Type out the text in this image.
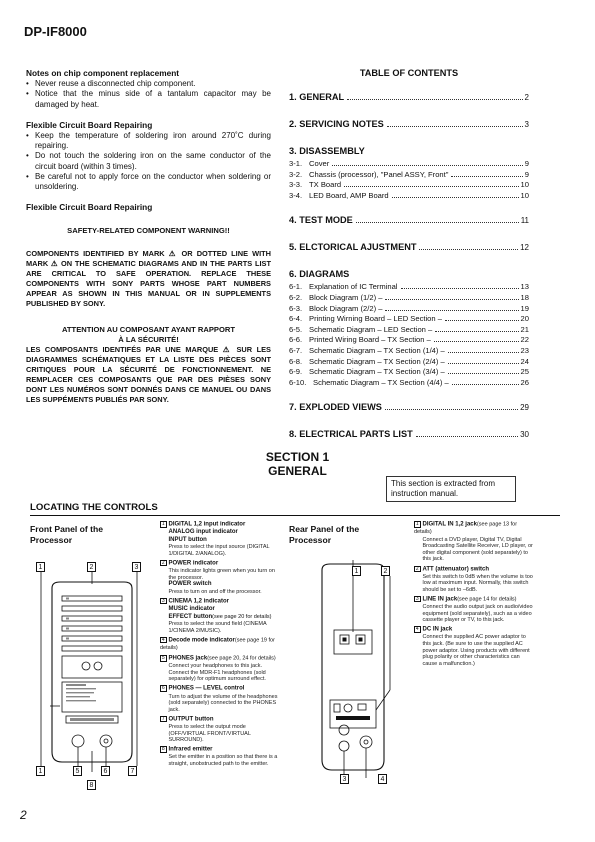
DP-IF8000
Notes on chip component replacement
• Never reuse a disconnected chip component.
• Notice that the minus side of a tantalum capacitor may be damaged by heat.
Flexible Circuit Board Repairing
• Keep the temperature of soldering iron around 270˚C during repairing.
• Do not touch the soldering iron on the same conductor of the circuit board (within 3 times).
• Be careful not to apply force on the conductor when soldering or unsoldering.
Flexible Circuit Board Repairing
SAFETY-RELATED COMPONENT WARNING!!
COMPONENTS IDENTIFIED BY MARK ⚠ OR DOTTED LINE WITH MARK ⚠ ON THE SCHEMATIC DIAGRAMS AND IN THE PARTS LIST ARE CRITICAL TO SAFE OPERATION. REPLACE THESE COMPONENTS WITH SONY PARTS WHOSE PART NUMBERS APPEAR AS SHOWN IN THIS MANUAL OR IN SUPPLEMENTS PUBLISHED BY SONY.
ATTENTION AU COMPOSANT AYANT RAPPORT
À LA SÉCURITÉ!
LES COMPOSANTS IDENTIFÉS PAR UNE MARQUE ⚠ SUR LES DIAGRAMMES SCHÉMATIQUES ET LA LISTE DES PIÈCES SONT CRITIQUES POUR LA SÉCURITÉ DE FONCTIONNEMENT. NE REMPLACER CES COMPOSANTS QUE PAR DES PIÈSES SONY DONT LES NUMÉROS SONT DONNÉS DANS CE MANUEL OU DANS LES SUPPÉMENTS PUBLIÉS PAR SONY.
TABLE OF CONTENTS
1. GENERAL	2
2. SERVICING NOTES	3
3. DISASSEMBLY
3-1. Cover	9
3-2. Chassis (processor), "Panel ASSY, Front"	9
3-3. TX Board	10
3-4. LED Board, AMP Board	10
4. TEST MODE	11
5. ELCTORICAL AJUSTMENT	12
6. DIAGRAMS
6-1. Explanation of IC Terminal	13
6-2. Block Diagram (1/2) –	18
6-3. Block Diagram (2/2) –	19
6-4. Printing Wirning Board – LED Section –	20
6-5. Schematic Diagram – LED Section –	21
6-6. Printed Wiring Board – TX Section –	22
6-7. Schematic Diagram – TX Section (1/4) –	23
6-8. Schematic Diagram – TX Section (2/4) –	24
6-9. Schematic Diagram – TX Section (3/4) –	25
6-10. Schematic Diagram – TX Section (4/4) –	26
7. EXPLODED VIEWS	29
8. ELECTRICAL PARTS LIST	30
SECTION 1
GENERAL
This section is extracted from instruction manual.
LOCATING THE CONTROLS
Front Panel of the Processor
1	2	3
1	5	6	7
8
1 DIGITAL 1,2 input indicator
ANALOG input indicator
INPUT button
Press to select the input source (DIGITAL 1/DIGITAL 2/ANALOG).
2 POWER indicator
This indicator lights green when you turn on the processor.
POWER switch
Press to turn on and off the processor.
3 CINEMA 1,2 indicator
MUSIC indicator
EFFECT button(see page 20 for details)
Press to select the sound field (CINEMA 1/CINEMA 2/MUSIC).
4 Decode mode indicator(see page 19 for details)
5 PHONES jack(see page 20, 24 for details)
Connect your headphones to this jack. Connect the MDR-F1 headphones (sold separately) for optimum surround effect.
6 PHONES — LEVEL control
Turn to adjust the volume of the headphones (sold separately) connected to the PHONES jack.
7 OUTPUT button
Press to select the output mode (OFF/VIRTUAL FRONT/VIRTUAL SURROUND).
8 Infrared emitter
Set the emitter in a position so that there is a straight, unobstructed path to the emitter.
Rear Panel of the Processor
1	2
3	4
1 DIGITAL IN 1,2 jack(see page 13 for details)
Connect a DVD player, Digital TV, Digital Broadcasting Satellite Receiver, LD player, or other digital component (sold separately) to this jack.
2 ATT (attenuator) switch
Set this switch to 0dB when the volume is too low at maximum input. Normally, this switch should be set to –6dB.
3 LINE IN jack(see page 14 for details)
Connect the audio output jack on audio/video equipment (sold separately), such as a video cassette player or TV, to this jack.
4 DC IN jack
Connect the supplied AC power adaptor to this jack. (Be sure to use the supplied AC power adaptor. Using products with different plug polarity or other characteristics can cause a malfunction.)
2
